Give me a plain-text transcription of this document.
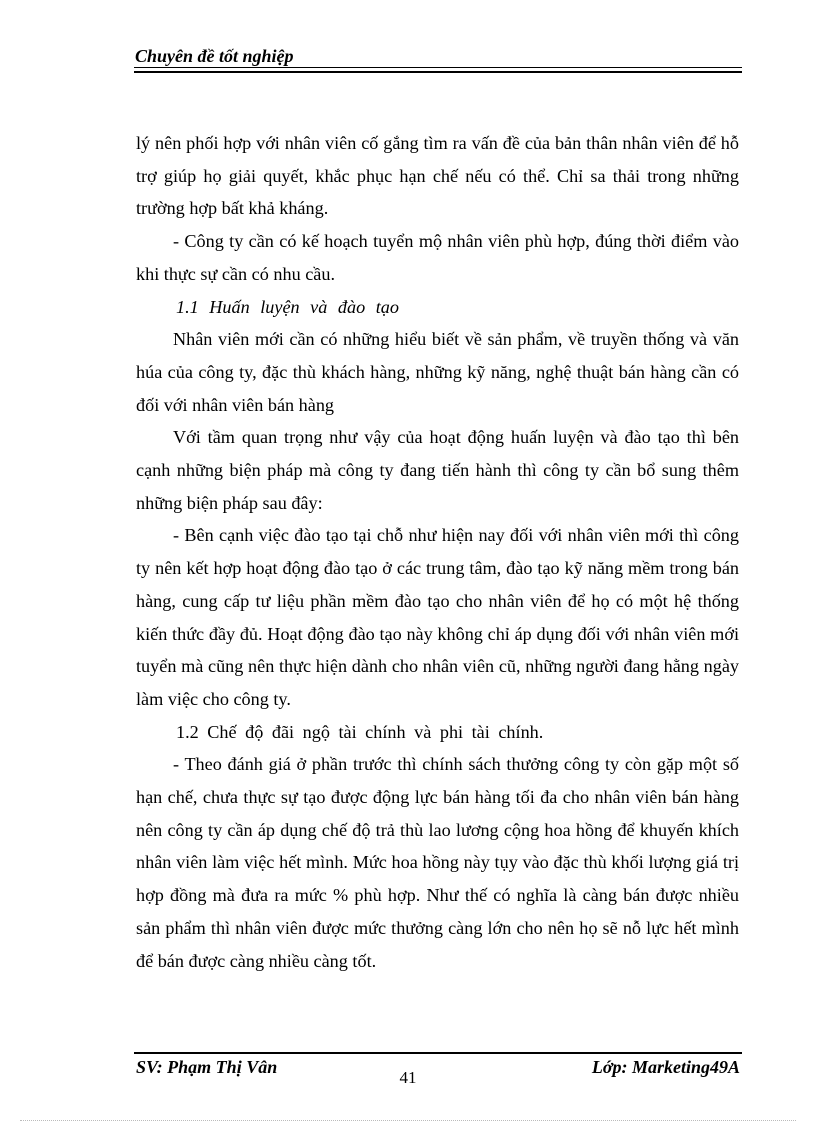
Chuyên đề tốt nghiệp

lý nên phối hợp với nhân viên cố gắng tìm ra vấn đề của bản thân nhân viên để hỗ trợ giúp họ giải quyết, khắc phục hạn chế nếu có thể. Chỉ sa thải trong những trường hợp bất khả kháng.

- Công ty cần có kế hoạch tuyển mộ nhân viên phù hợp, đúng thời điểm vào khi thực sự cần có nhu cầu.

1.1 Huấn luyện và đào tạo

Nhân viên mới cần có những hiểu biết về sản phẩm, về truyền thống và văn húa của công ty, đặc thù khách hàng, những kỹ năng, nghệ thuật bán hàng cần có đối với nhân viên bán hàng

Với tầm quan trọng như vậy của hoạt động huấn luyện và đào tạo thì bên cạnh những biện pháp mà công ty đang tiến hành thì công ty cần bổ sung thêm những biện pháp sau đây:

- Bên cạnh việc đào tạo tại chỗ như hiện nay đối với nhân viên mới thì công ty nên kết hợp hoạt động đào tạo ở các trung tâm, đào tạo kỹ năng mềm trong bán hàng, cung cấp tư liệu phần mềm đào tạo cho nhân viên để họ có một hệ thống kiến thức đầy đủ. Hoạt động đào tạo này không chỉ áp dụng đối với nhân viên mới tuyển mà cũng nên thực hiện dành cho nhân viên cũ, những người đang hằng ngày làm việc cho công ty.

1.2 Chế độ đãi ngộ tài chính và phi tài chính.

- Theo đánh giá ở phần trước thì chính sách thưởng công ty còn gặp một số hạn chế, chưa thực sự tạo được động lực bán hàng tối đa cho nhân viên bán hàng nên công ty cần áp dụng chế độ trả thù lao lương cộng hoa hồng để khuyến khích nhân viên làm việc hết mình. Mức hoa hồng này tụy vào đặc thù khối lượng giá trị hợp đồng mà đưa ra mức % phù hợp. Như thế có nghĩa là càng bán được nhiều sản phẩm thì nhân viên được mức thưởng càng lớn cho nên họ sẽ nỗ lực hết mình để bán được càng nhiều càng tốt.

SV: Phạm Thị Vân	Lớp: Marketing49A
41
